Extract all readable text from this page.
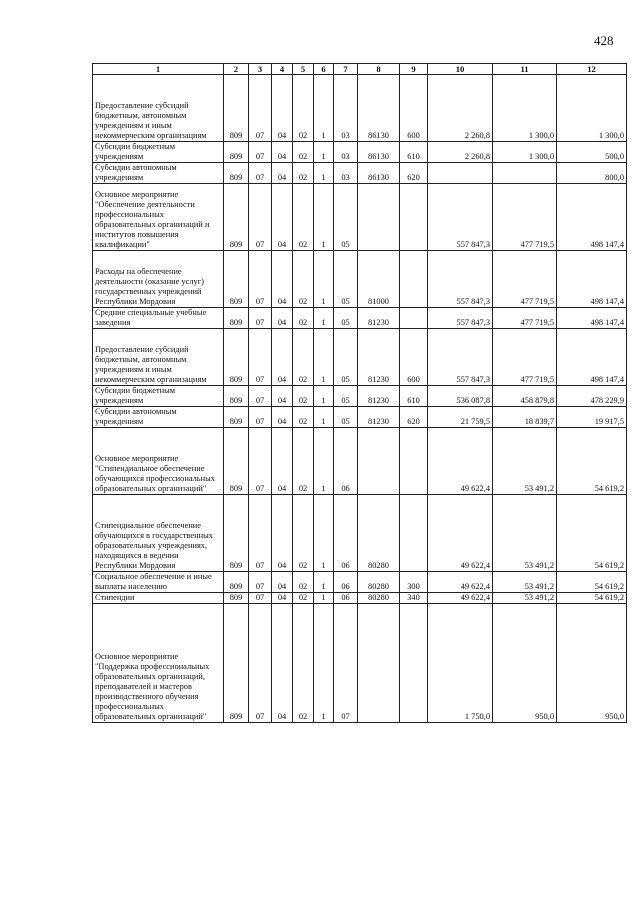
428
1	2	3	4	5	6	7	8	9	10	11	12
Предоставление субсидий бюджетным, автономным учреждениям и иным некоммерческим организациям	809	07	04	02	1	03	86130	600	2 260,8	1 300,0	1 300,0
Субсидии бюджетным учреждениям	809	07	04	02	1	03	86130	610	2 260,8	1 300,0	500,0
Субсидии автономным учреждениям	809	07	04	02	1	03	86130	620			800,0
Основное мероприятие "Обеспечение деятельности профессиональных образовательных организаций и институтов повышения квалификации"	809	07	04	02	1	05			557 847,3	477 719,5	498 147,4
Расходы на обеспечение деятельности (оказание услуг) государственных учреждений Республики Мордовия	809	07	04	02	1	05	81000		557 847,3	477 719,5	498 147,4
Средние специальные учебные заведения	809	07	04	02	1	05	81230		557 847,3	477 719,5	498 147,4
Предоставление субсидий бюджетным, автономным учреждениям и иным некоммерческим организациям	809	07	04	02	1	05	81230	600	557 847,3	477 719,5	498 147,4
Субсидии бюджетным учреждениям	809	07	04	02	1	05	81230	610	536 087,8	458 879,8	478 229,9
Субсидии автономным учреждениям	809	07	04	02	1	05	81230	620	21 759,5	18 839,7	19 917,5
Основное мероприятие "Стипендиальное обеспечение обучающихся профессиональных образовательных организаций"	809	07	04	02	1	06			49 622,4	53 491,2	54 619,2
Стипендиальное обеспечение обучающихся в государственных образовательных учреждениях, находящихся в ведении Республики Мордовия	809	07	04	02	1	06	80280		49 622,4	53 491,2	54 619,2
Социальное обеспечение и иные выплаты населению	809	07	04	02	1	06	80280	300	49 622,4	53 491,2	54 619,2
Стипендии	809	07	04	02	1	06	80280	340	49 622,4	53 491,2	54 619,2
Основное мероприятие "Поддержка профессиональных образовательных организаций, преподавателей и мастеров производственного обучения профессиональных образовательных организаций"	809	07	04	02	1	07			1 750,0	950,0	950,0
